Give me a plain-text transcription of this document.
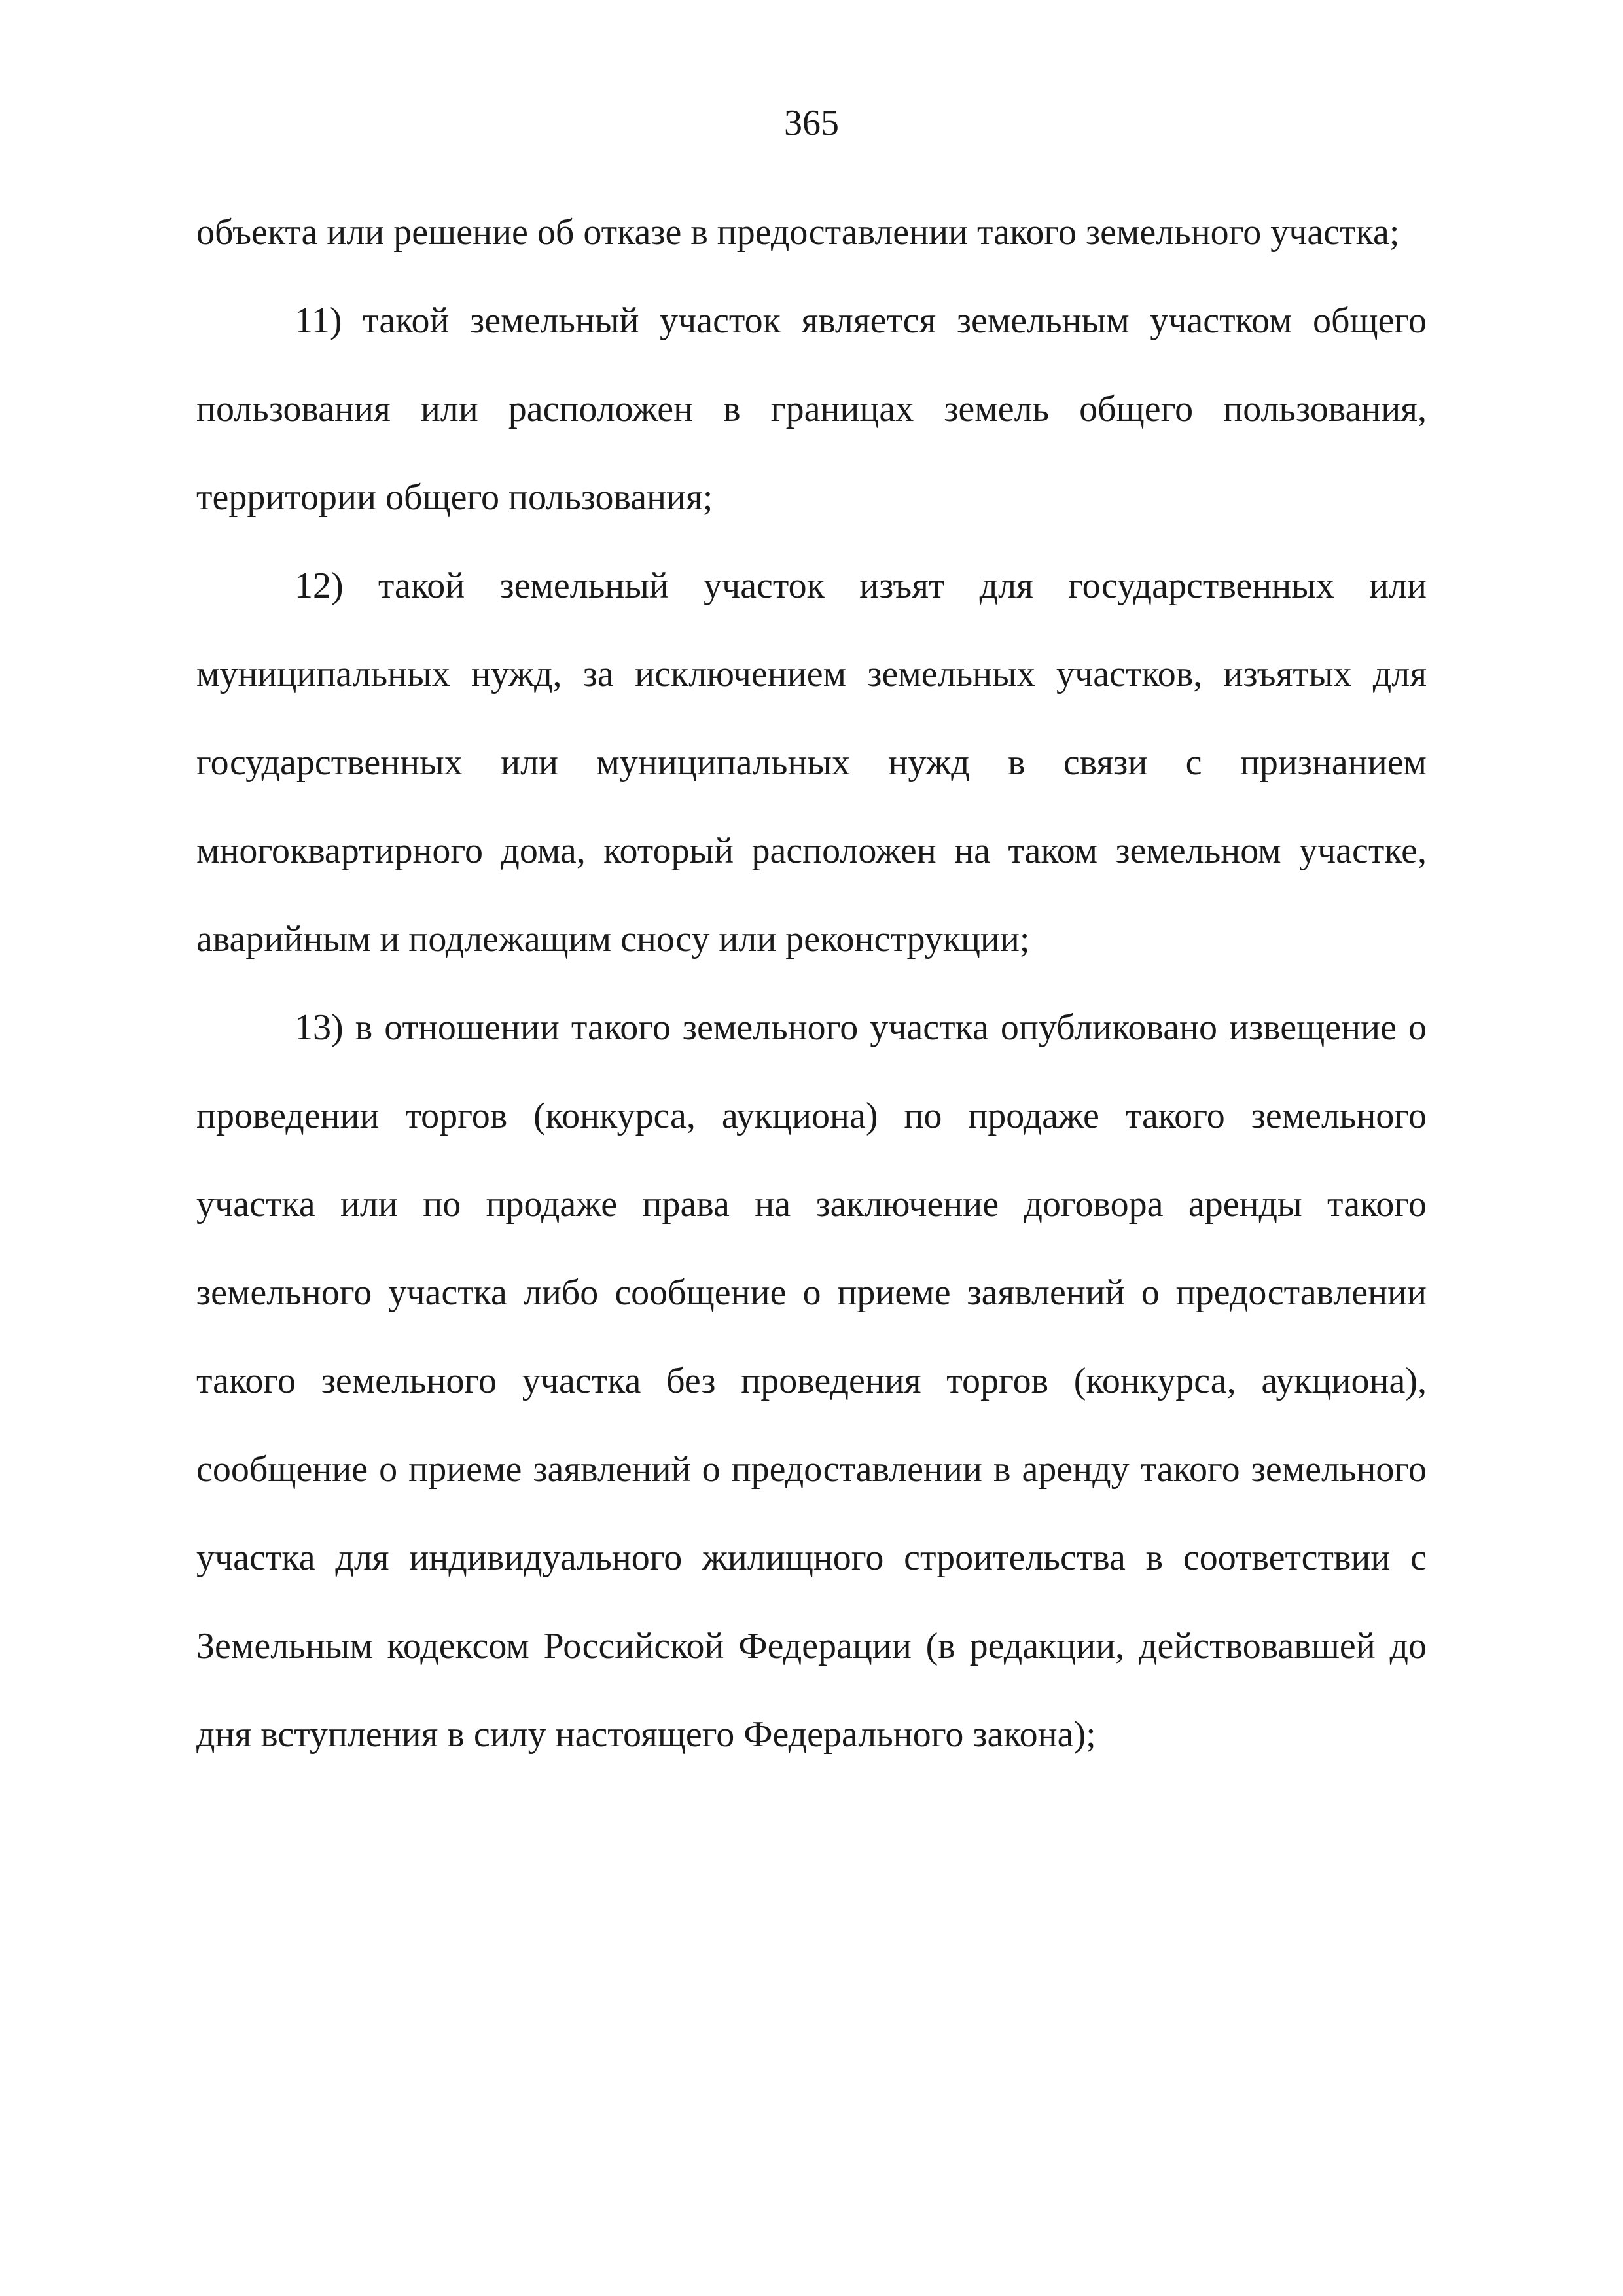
365

объекта или решение об отказе в предоставлении такого земельного участка;

11) такой земельный участок является земельным участком общего пользования или расположен в границах земель общего пользования, территории общего пользования;

12) такой земельный участок изъят для государственных или муниципальных нужд, за исключением земельных участков, изъятых для государственных или муниципальных нужд в связи с признанием многоквартирного дома, который расположен на таком земельном участке, аварийным и подлежащим сносу или реконструкции;

13) в отношении такого земельного участка опубликовано извещение о проведении торгов (конкурса, аукциона) по продаже такого земельного участка или по продаже права на заключение договора аренды такого земельного участка либо сообщение о приеме заявлений о предоставлении такого земельного участка без проведения торгов (конкурса, аукциона), сообщение о приеме заявлений о предоставлении в аренду такого земельного участка для индивидуального жилищного строительства в соответствии с Земельным кодексом Российской Федерации (в редакции, действовавшей до дня вступления в силу настоящего Федерального закона);
